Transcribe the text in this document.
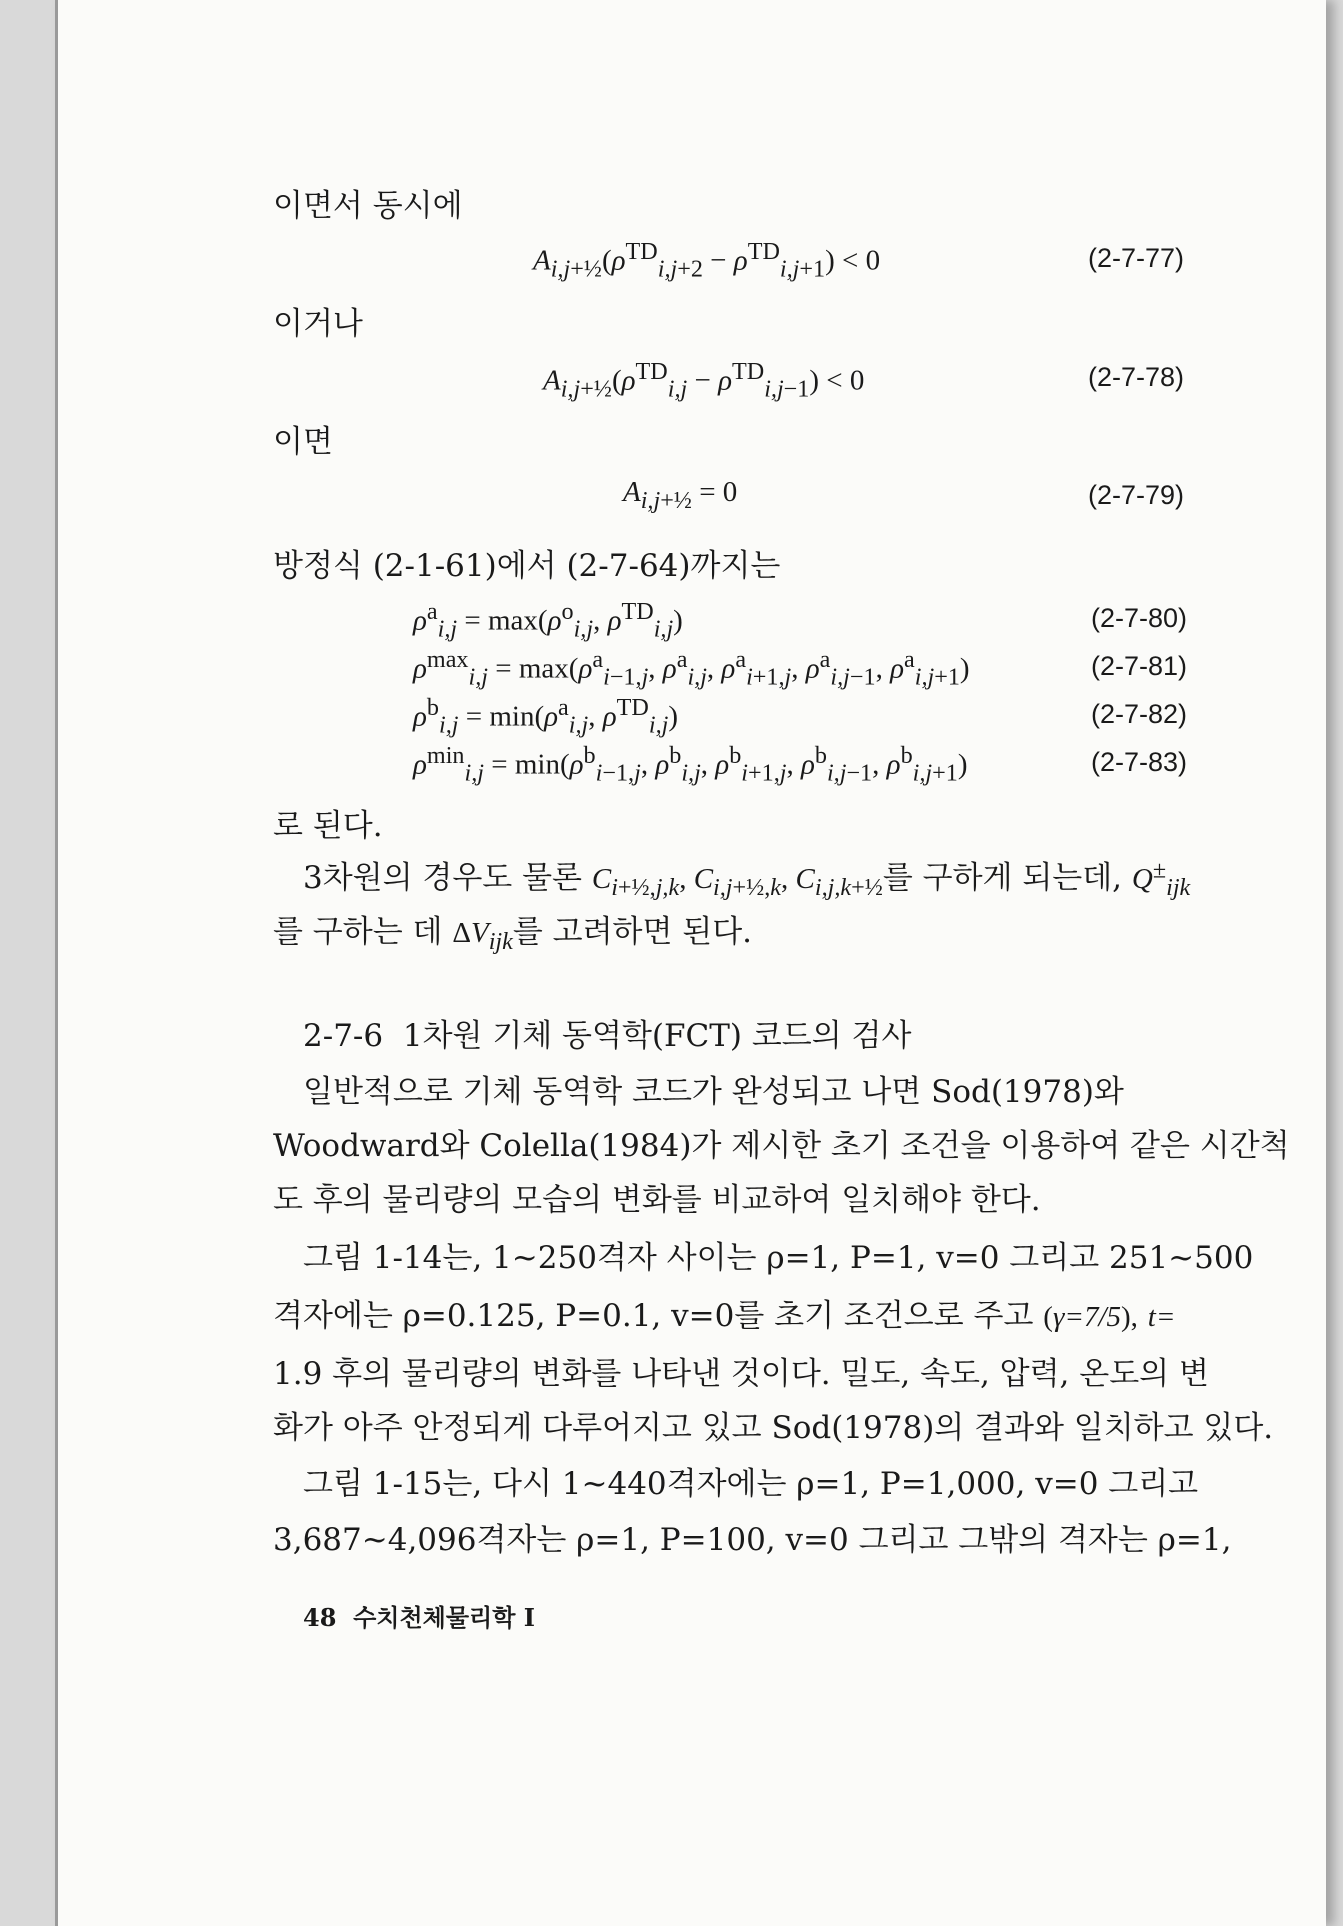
이면서 동시에
$A_{i,j+\frac{1}{2}}(\rho^{TD}_{i,j+2} - \rho^{TD}_{i,j+1}) < 0$	(2-7-77)
이거나
$A_{i,j+\frac{1}{2}}(\rho^{TD}_{i,j} - \rho^{TD}_{i,j-1}) < 0$	(2-7-78)
이면
$A_{i,j+\frac{1}{2}} = 0$	(2-7-79)
방정식 (2-1-61)에서 (2-7-64)까지는
$\rho^a_{i,j} = \max(\rho^o_{i,j}$, $\rho^{TD}_{i,j}$)	(2-7-80)
$\rho^{max}_{i,j} = \max(\rho^a_{i-1,j}$, $\rho^a_{i,j}$, $\rho^a_{i+1,j}$, $\rho^a_{i,j-1}$, $\rho^a_{i,j+1}$)	(2-7-81)
$\rho^b_{i,j} = \min(\rho^a_{i,j}$, $\rho^{TD}_{i,j}$)	(2-7-82)
$\rho^{min}_{i,j} = \min(\rho^b_{i-1,j}$, $\rho^b_{i,j}$, $\rho^b_{i+1,j}$, $\rho^b_{i,j-1}$, $\rho^b_{i,j+1}$)	(2-7-83)
로 된다.
3차원의 경우도 물론 $C_{i+\frac{1}{2},j,k}$, $C_{i,j+\frac{1}{2},k}$, $C_{i,j,k+\frac{1}{2}}$를 구하게 되는데, $Q^\pm_{ijk}$
를 구하는 데 $\Delta V_{ijk}$를 고려하면 된다.
2-7-6 1차원 기체 동역학(FCT) 코드의 검사
일반적으로 기체 동역학 코드가 완성되고 나면 Sod(1978)와
Woodward와 Colella(1984)가 제시한 초기 조건을 이용하여 같은 시간척
도 후의 물리량의 모습의 변화를 비교하여 일치해야 한다.
그림 1-14는, 1~250격자 사이는 ρ=1, P=1, v=0 그리고 251~500
격자에는 ρ=0.125, P=0.1, v=0를 초기 조건으로 주고 (γ=7/5), t=
1.9 후의 물리량의 변화를 나타낸 것이다. 밀도, 속도, 압력, 온도의 변
화가 아주 안정되게 다루어지고 있고 Sod(1978)의 결과와 일치하고 있다.
그림 1-15는, 다시 1~440격자에는 ρ=1, P=1,000, v=0 그리고
3,687~4,096격자는 ρ=1, P=100, v=0 그리고 그밖의 격자는 ρ=1,
48 수치천체물리학 I
